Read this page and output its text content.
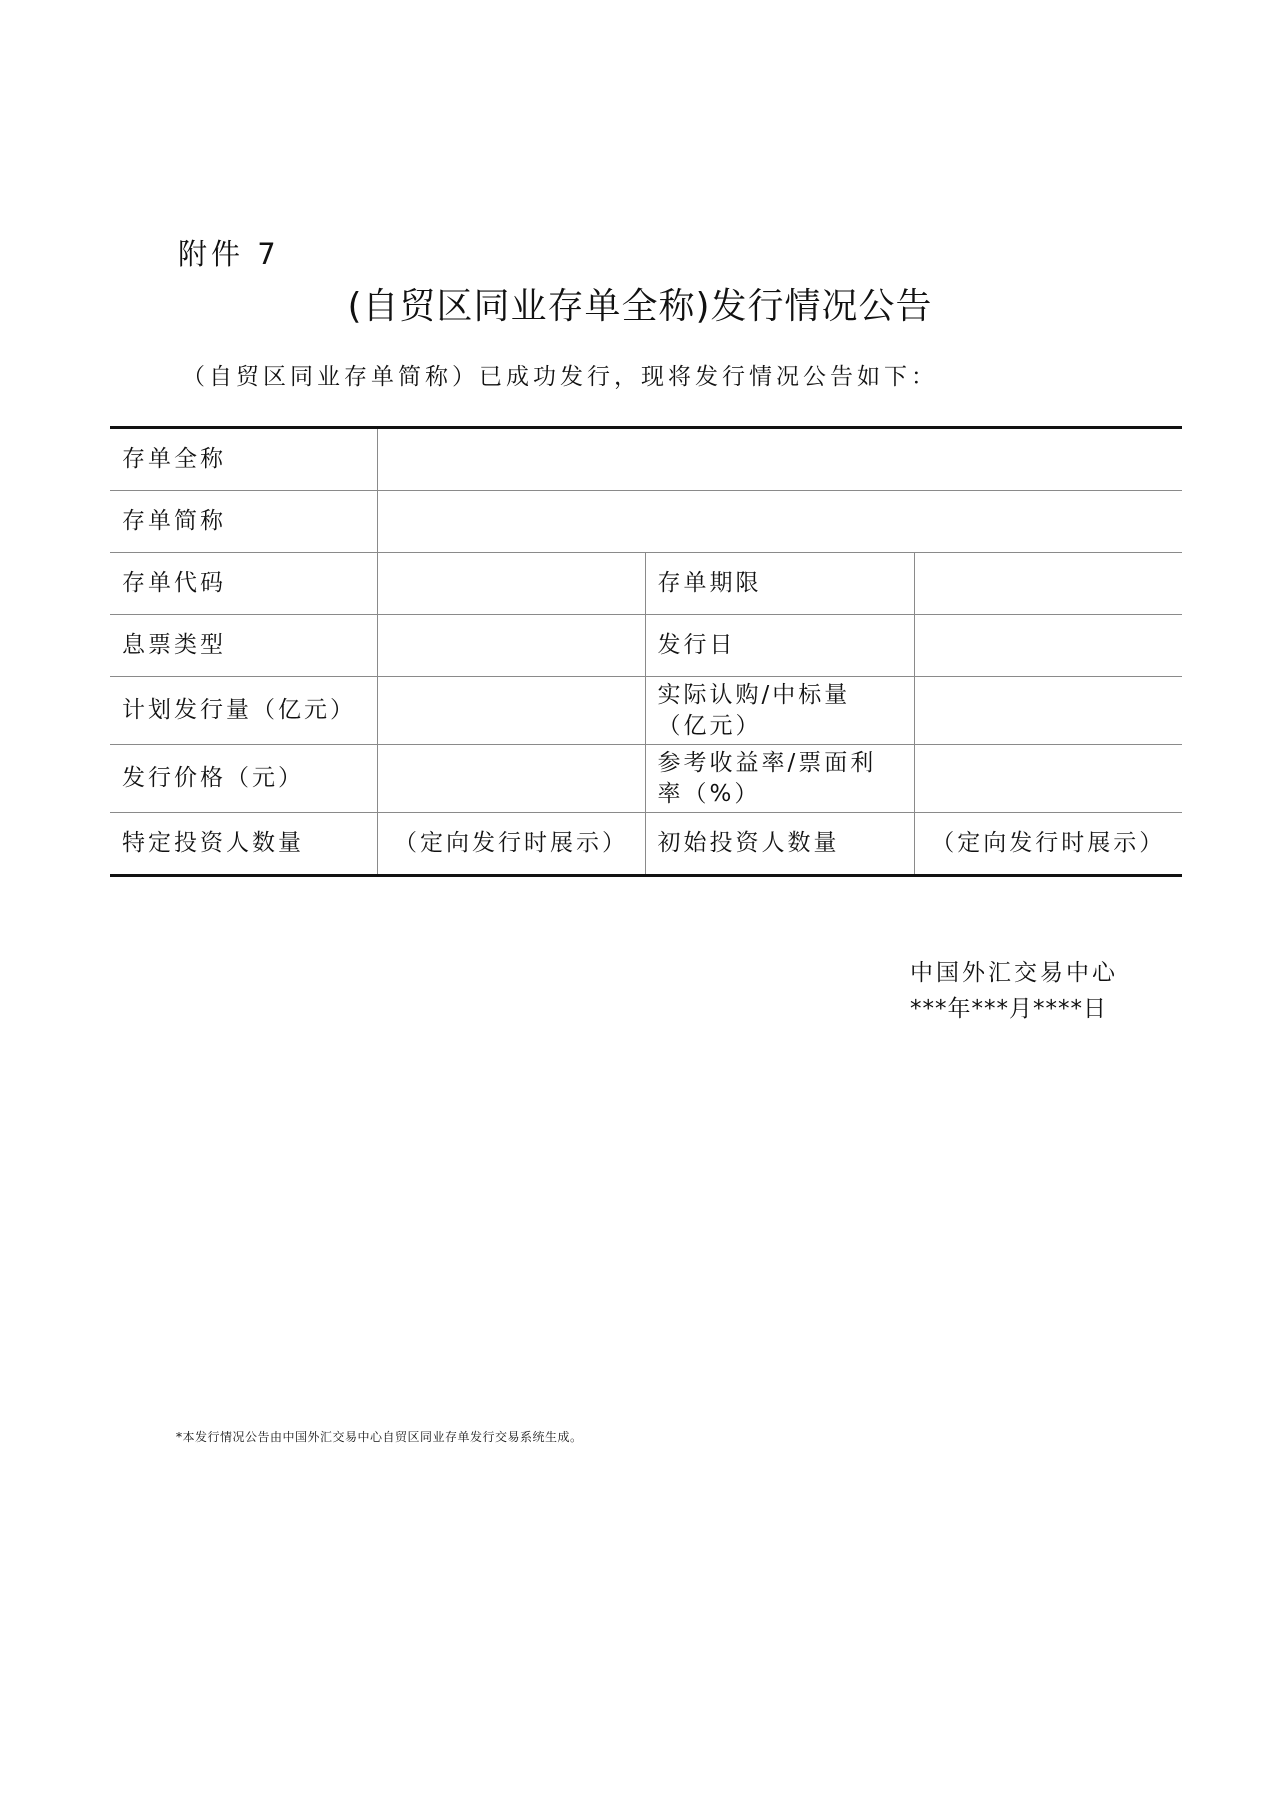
附件 7
(自贸区同业存单全称)发行情况公告
（自贸区同业存单简称）已成功发行，现将发行情况公告如下：
存单全称			
存单简称			
存单代码		存单期限	
息票类型		发行日	
计划发行量（亿元）		实际认购/中标量（亿元）	
发行价格（元）		参考收益率/票面利率（%）	
特定投资人数量	（定向发行时展示）	初始投资人数量	（定向发行时展示）
中国外汇交易中心
***年***月****日
*本发行情况公告由中国外汇交易中心自贸区同业存单发行交易系统生成。
